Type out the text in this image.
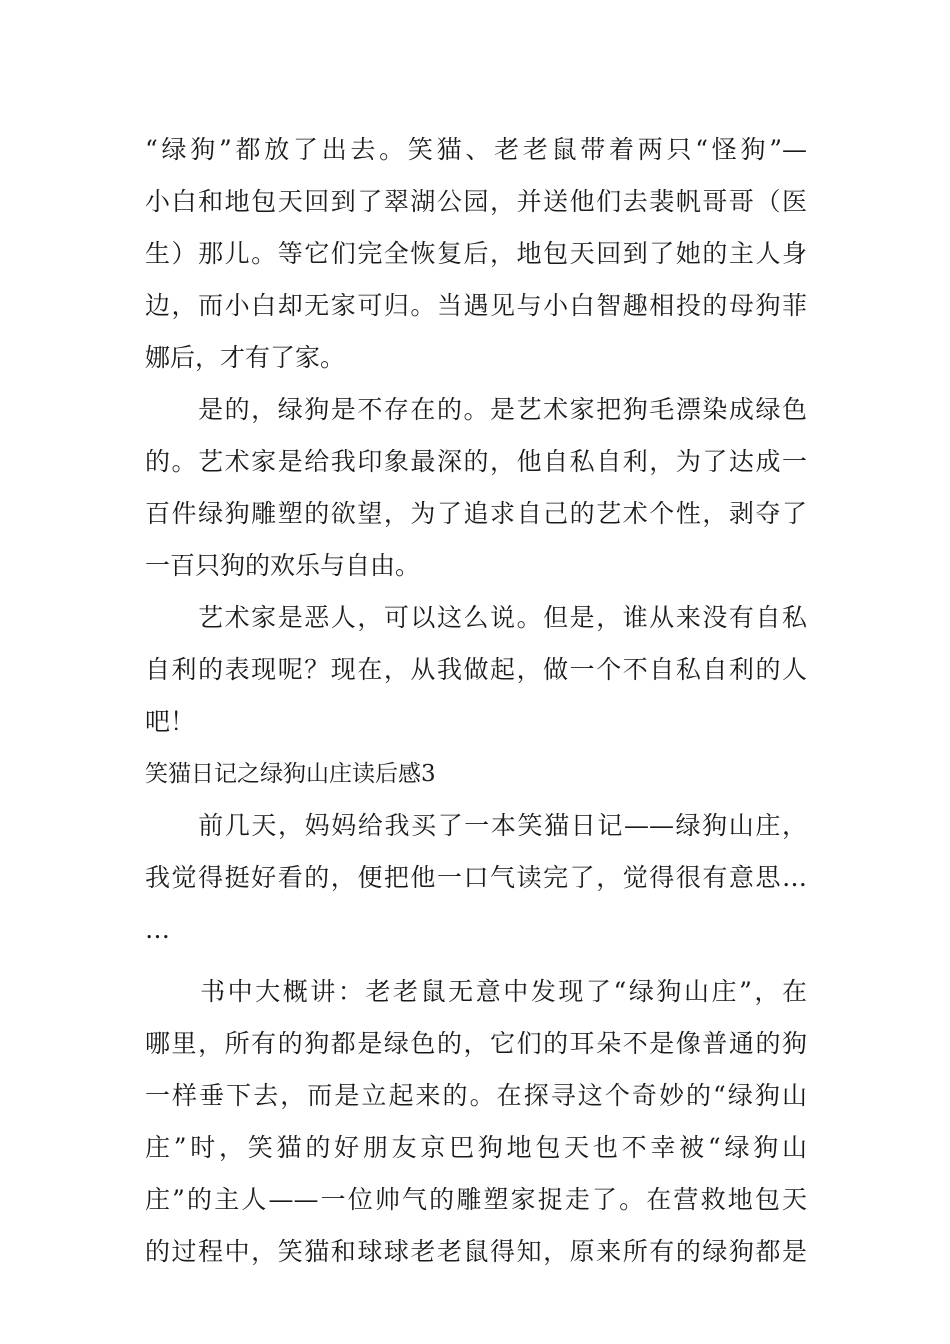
“绿狗”都放了出去。笑猫、老老鼠带着两只“怪狗”—
小白和地包天回到了翠湖公园，并送他们去裴帆哥哥（医
生）那儿。等它们完全恢复后，地包天回到了她的主人身
边，而小白却无家可归。当遇见与小白智趣相投的母狗菲
娜后，才有了家。
　　是的，绿狗是不存在的。是艺术家把狗毛漂染成绿色
的。艺术家是给我印象最深的，他自私自利，为了达成一
百件绿狗雕塑的欲望，为了追求自己的艺术个性，剥夺了
一百只狗的欢乐与自由。
　　艺术家是恶人，可以这么说。但是，谁从来没有自私
自利的表现呢？现在，从我做起，做一个不自私自利的人
吧！
笑猫日记之绿狗山庄读后感3
　　前几天，妈妈给我买了一本笑猫日记——绿狗山庄，
我觉得挺好看的，便把他一口气读完了，觉得很有意思…
…
　　书中大概讲：老老鼠无意中发现了“绿狗山庄”，在
哪里，所有的狗都是绿色的，它们的耳朵不是像普通的狗
一样垂下去，而是立起来的。在探寻这个奇妙的“绿狗山
庄”时，笑猫的好朋友京巴狗地包天也不幸被“绿狗山
庄”的主人——一位帅气的雕塑家捉走了。在营救地包天
的过程中，笑猫和球球老老鼠得知，原来所有的绿狗都是
